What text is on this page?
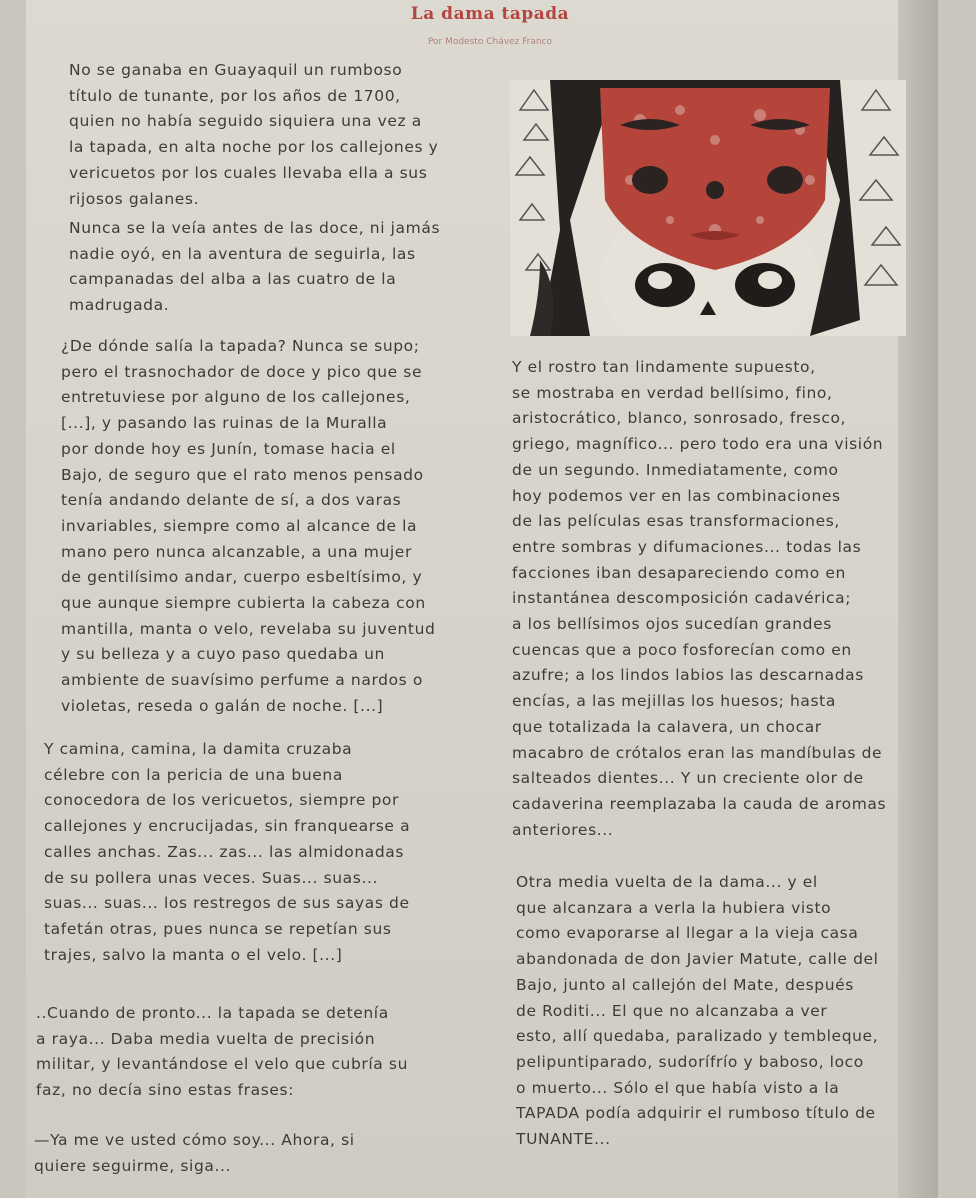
La dama tapada
Por Modesto Chávez Franco

No se ganaba en Guayaquil un rumboso

título de tunante, por los años de 1700,

quien no había seguido siquiera una vez a

la tapada, en alta noche por los callejones y

vericuetos por los cuales llevaba ella a sus

rijosos galanes.

Nunca se la veía antes de las doce, ni jamás

nadie oyó, en la aventura de seguirla, las

campanadas del alba a las cuatro de la

madrugada.

¿De dónde salía la tapada? Nunca se supo;

pero el trasnochador de doce y pico que se

entretuviese por alguno de los callejones,

[...], y pasando las ruinas de la Muralla

por donde hoy es Junín, tomase hacia el

Bajo, de seguro que el rato menos pensado

tenía andando delante de sí, a dos varas

invariables, siempre como al alcance de la

mano pero nunca alcanzable, a una mujer

de gentilísimo andar, cuerpo esbeltísimo, y

que aunque siempre cubierta la cabeza con

mantilla, manta o velo, revelaba su juventud

y su belleza y a cuyo paso quedaba un

ambiente de suavísimo perfume a nardos o

violetas, reseda o galán de noche. [...]

Y camina, camina, la damita cruzaba

célebre con la pericia de una buena

conocedora de los vericuetos, siempre por

callejones y encrucijadas, sin franquearse a

calles anchas. Zas... zas... las almidonadas

de su pollera unas veces. Suas... suas...

suas... suas... los restregos de sus sayas de

tafetán otras, pues nunca se repetían sus

trajes, salvo la manta o el velo. [...]

..Cuando de pronto... la tapada se detenía

a raya... Daba media vuelta de precisión

militar, y levantándose el velo que cubría su

faz, no decía sino estas frases:

—Ya me ve usted cómo soy... Ahora, si

quiere seguirme, siga...

Y el rostro tan lindamente supuesto,

se mostraba en verdad bellísimo, fino,

aristocrático, blanco, sonrosado, fresco,

griego, magnífico... pero todo era una visión

de un segundo. Inmediatamente, como

hoy podemos ver en las combinaciones

de las películas esas transformaciones,

entre sombras y difumaciones... todas las

facciones iban desapareciendo como en

instantánea descomposición cadavérica;

a los bellísimos ojos sucedían grandes

cuencas que a poco fosforecían como en

azufre; a los lindos labios las descarnadas

encías, a las mejillas los huesos; hasta

que totalizada la calavera, un chocar

macabro de crótalos eran las mandíbulas de

salteados dientes... Y un creciente olor de

cadaverina reemplazaba la cauda de aromas

anteriores...

Otra media vuelta de la dama... y el

que alcanzara a verla la hubiera visto

como evaporarse al llegar a la vieja casa

abandonada de don Javier Matute, calle del

Bajo, junto al callejón del Mate, después

de Roditi... El que no alcanzaba a ver

esto, allí quedaba, paralizado y tembleque,

pelipuntiparado, sudorífrío y baboso, loco

o muerto... Sólo el que había visto a la

TAPADA podía adquirir el rumboso título de

TUNANTE...
